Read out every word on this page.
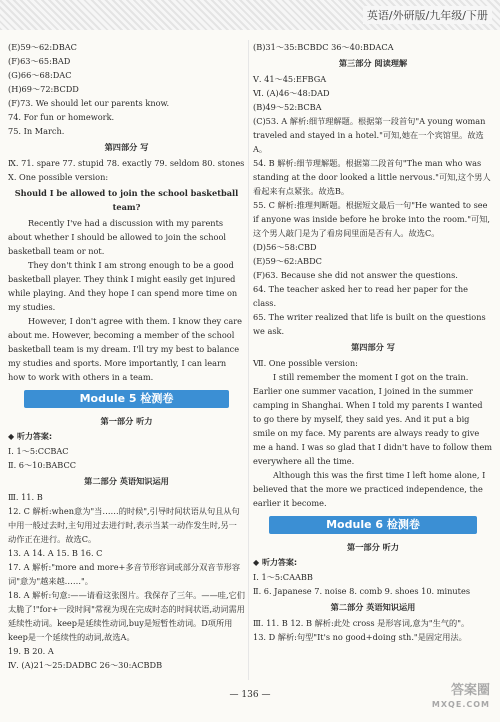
英语/外研版/九年级/下册
(E)59～62:DBAC
(F)63～65:BAD
(G)66～68:DAC
(H)69～72:BCDD
(F)73. We should let our parents know.
74. For fun or homework.
75. In March.
第四部分 写
Ⅸ. 71. spare 77. stupid 78. exactly 79. seldom 80. stones
Ⅹ. One possible version:
Should I be allowed to join the school basketball team?
Recently I've had a discussion with my parents about whether I should be allowed to join the school basketball team or not.
They don't think I am strong enough to be a good basketball player. They think I might easily get injured while playing. And they hope I can spend more time on my studies.
However, I don't agree with them. I know they care about me. However, becoming a member of the school basketball team is my dream. I'll try my best to balance my studies and sports. More importantly, I can learn how to work with others in a team.
Module 5 检测卷
第一部分 听力
◆ 听力答案:
Ⅰ. 1～5:CCBAC
Ⅱ. 6～10:BABCC
第二部分 英语知识运用
Ⅲ. 11. B
12. C 解析:when意为"当……的时候",引导时间状语从句且从句中用一般过去时,主句用过去进行时,表示当某一动作发生时,另一动作正在进行。故选C。
13. A 14. A 15. B 16. C
17. A 解析:"more and more+多音节形容词或部分双音节形容词"意为"越来越……"。
18. A 解析:句意:——请看这张图片。我保存了三年。——哇,它们太脆了!"for+一段时间"常视为现在完成时态的时间状语,动词需用延续性动词。keep是延续性动词,buy是短暂性动词。D项所用keep是一个延续性的动词,故选A。
19. B 20. A
Ⅳ. (A)21～25:DADBC 26～30:ACBDB
(B)31～35:BCBDC 36～40:BDACA
第三部分 阅读理解
Ⅴ. 41～45:EFBGA
Ⅵ. (A)46～48:DAD
(B)49～52:BCBA
(C)53. A 解析:细节理解题。根据第一段首句"A young woman traveled and stayed in a hotel."可知,她在一个宾馆里。故选A。
54. B 解析:细节理解题。根据第二段首句"The man who was standing at the door looked a little nervous."可知,这个男人看起来有点紧张。故选B。
55. C 解析:推理判断题。根据短文最后一句"He wanted to see if anyone was inside before he broke into the room."可知,这个男人敲门是为了看房间里面是否有人。故选C。
(D)56～58:CBD
(E)59～62:ABDC
(F)63. Because she did not answer the questions.
64. The teacher asked her to read her paper for the class.
65. The writer realized that life is built on the questions we ask.
第四部分 写
Ⅶ. One possible version:
I still remember the moment I got on the train. Earlier one summer vacation, I joined in the summer camping in Shanghai. When I told my parents I wanted to go there by myself, they said yes. And it put a big smile on my face. My parents are always ready to give me a hand. I was so glad that I didn't have to follow them everywhere all the time.
Although this was the first time I left home alone, I believed that the more we practiced independence, the earlier it become.
Module 6 检测卷
第一部分 听力
◆ 听力答案:
Ⅰ. 1～5:CAABB
Ⅱ. 6. Japanese 7. noise 8. comb 9. shoes 10. minutes
第二部分 英语知识运用
Ⅲ. 11. B 12. B 解析:此处 cross 是形容词,意为"生气的"。
13. D 解析:句型"It's no good+doing sth."是固定用法。
— 136 —	答案圈
MXQE.COM
